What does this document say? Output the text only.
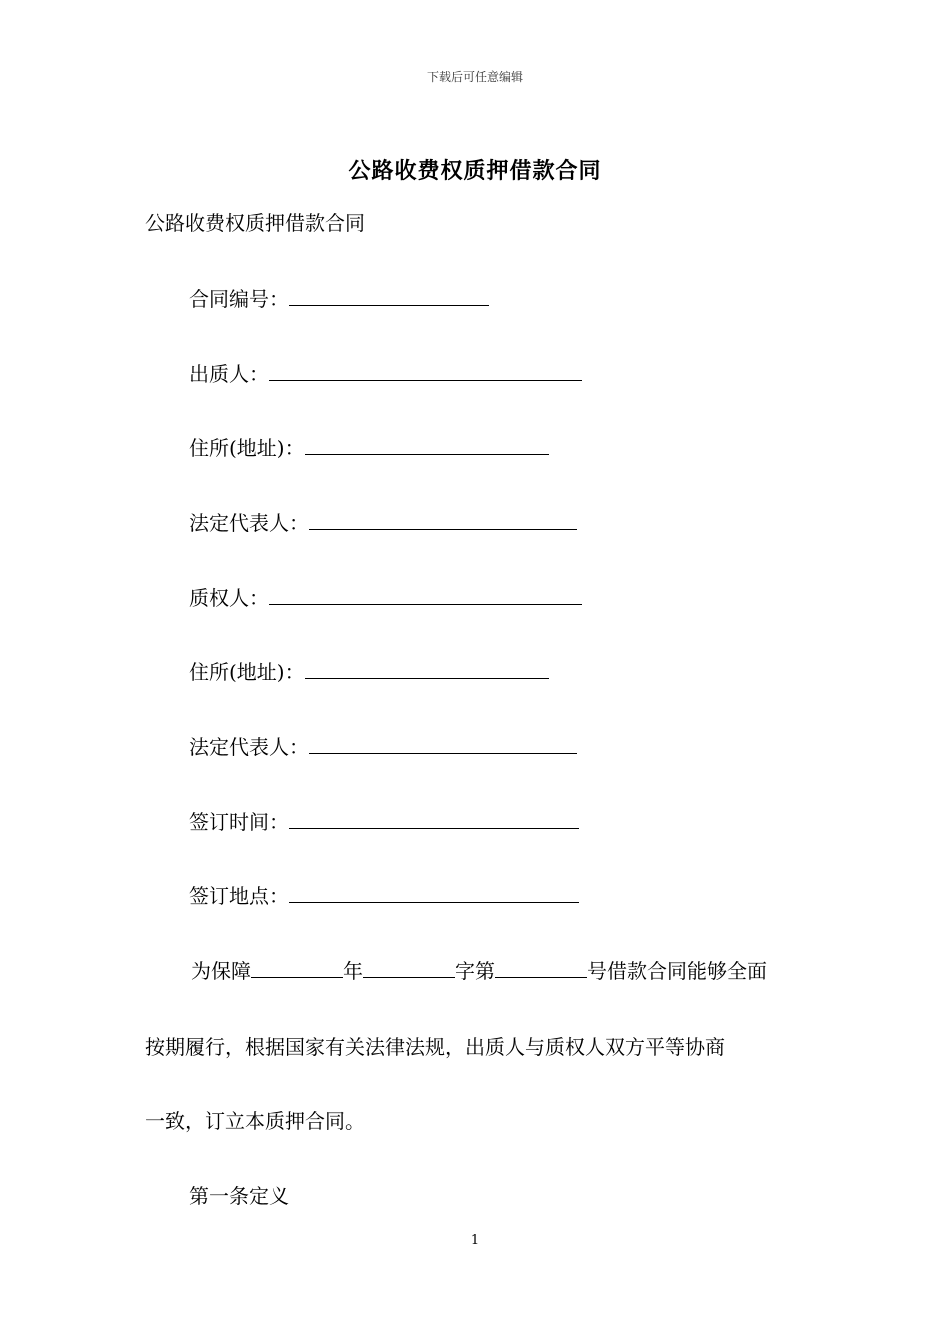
下载后可任意编辑
公路收费权质押借款合同
公路收费权质押借款合同
合同编号：
出质人：
住所(地址)：
法定代表人：
质权人：
住所(地址)：
法定代表人：
签订时间：
签订地点：
为保障	年	字第	号借款合同能够全面
按期履行，根据国家有关法律法规，出质人与质权人双方平等协商
一致，订立本质押合同。
第一条定义
1
